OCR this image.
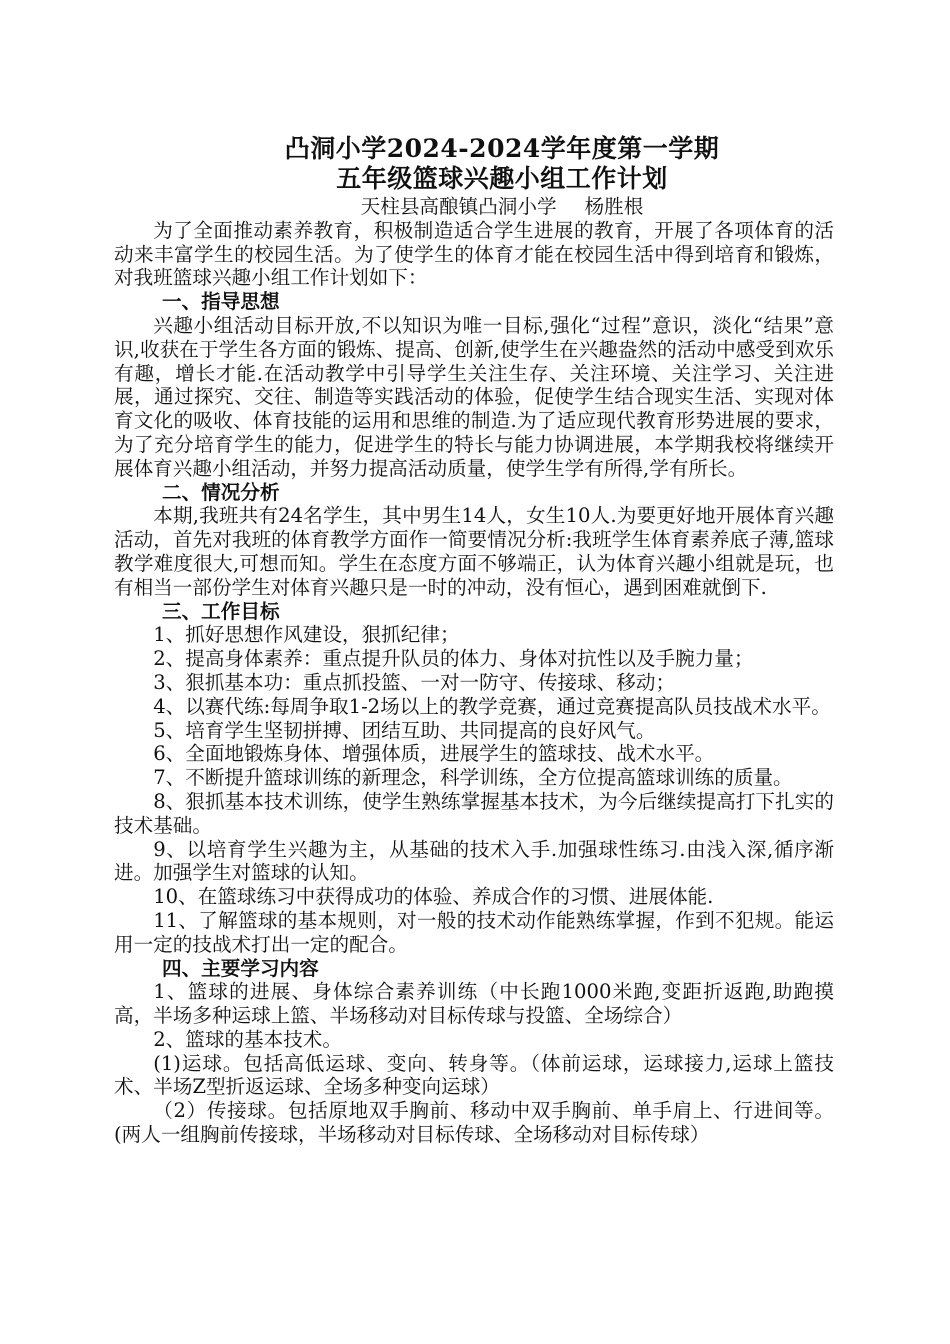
凸洞小学2024-2024学年度第一学期
五年级篮球兴趣小组工作计划
天柱县高酿镇凸洞小学 杨胜根

为了全面推动素养教育，积极制造适合学生进展的教育，开展了各项体育的活动来丰富学生的校园生活。为了使学生的体育才能在校园生活中得到培育和锻炼，对我班篮球兴趣小组工作计划如下：

一、指导思想

兴趣小组活动目标开放,不以知识为唯一目标,强化“过程”意识，淡化“结果”意识,收获在于学生各方面的锻炼、提高、创新,使学生在兴趣盎然的活动中感受到欢乐有趣，增长才能.在活动教学中引导学生关注生存、关注环境、关注学习、关注进展，通过探究、交往、制造等实践活动的体验，促使学生结合现实生活、实现对体育文化的吸收、体育技能的运用和思维的制造.为了适应现代教育形势进展的要求，为了充分培育学生的能力，促进学生的特长与能力协调进展，本学期我校将继续开展体育兴趣小组活动，并努力提高活动质量，使学生学有所得,学有所长。

二、情况分析

本期,我班共有24名学生，其中男生14人，女生10人.为要更好地开展体育兴趣活动，首先对我班的体育教学方面作一简要情况分析:我班学生体育素养底子薄,篮球教学难度很大,可想而知。学生在态度方面不够端正，认为体育兴趣小组就是玩，也有相当一部份学生对体育兴趣只是一时的冲动，没有恒心，遇到困难就倒下.

三、工作目标

1、抓好思想作风建设，狠抓纪律；

2、提高身体素养：重点提升队员的体力、身体对抗性以及手腕力量；

3、狠抓基本功：重点抓投篮、一对一防守、传接球、移动；

4、以赛代练:每周争取1-2场以上的教学竞赛，通过竞赛提高队员技战术水平。

5、培育学生坚韧拼搏、团结互助、共同提高的良好风气。

6、全面地锻炼身体、增强体质，进展学生的篮球技、战术水平。

7、不断提升篮球训练的新理念，科学训练，全方位提高篮球训练的质量。

8、狠抓基本技术训练，使学生熟练掌握基本技术，为今后继续提高打下扎实的技术基础。

9、以培育学生兴趣为主，从基础的技术入手.加强球性练习.由浅入深,循序渐进。加强学生对篮球的认知。

10、在篮球练习中获得成功的体验、养成合作的习惯、进展体能.

11、了解篮球的基本规则，对一般的技术动作能熟练掌握，作到不犯规。能运用一定的技战术打出一定的配合。

四、主要学习内容

1、篮球的进展、身体综合素养训练（中长跑1000米跑,变距折返跑,助跑摸高，半场多种运球上篮、半场移动对目标传球与投篮、全场综合）

2、篮球的基本技术。

(1)运球。包括高低运球、变向、转身等。（体前运球，运球接力,运球上篮技术、半场Z型折返运球、全场多种变向运球）

（2）传接球。包括原地双手胸前、移动中双手胸前、单手肩上、行进间等。(两人一组胸前传接球，半场移动对目标传球、全场移动对目标传球）
